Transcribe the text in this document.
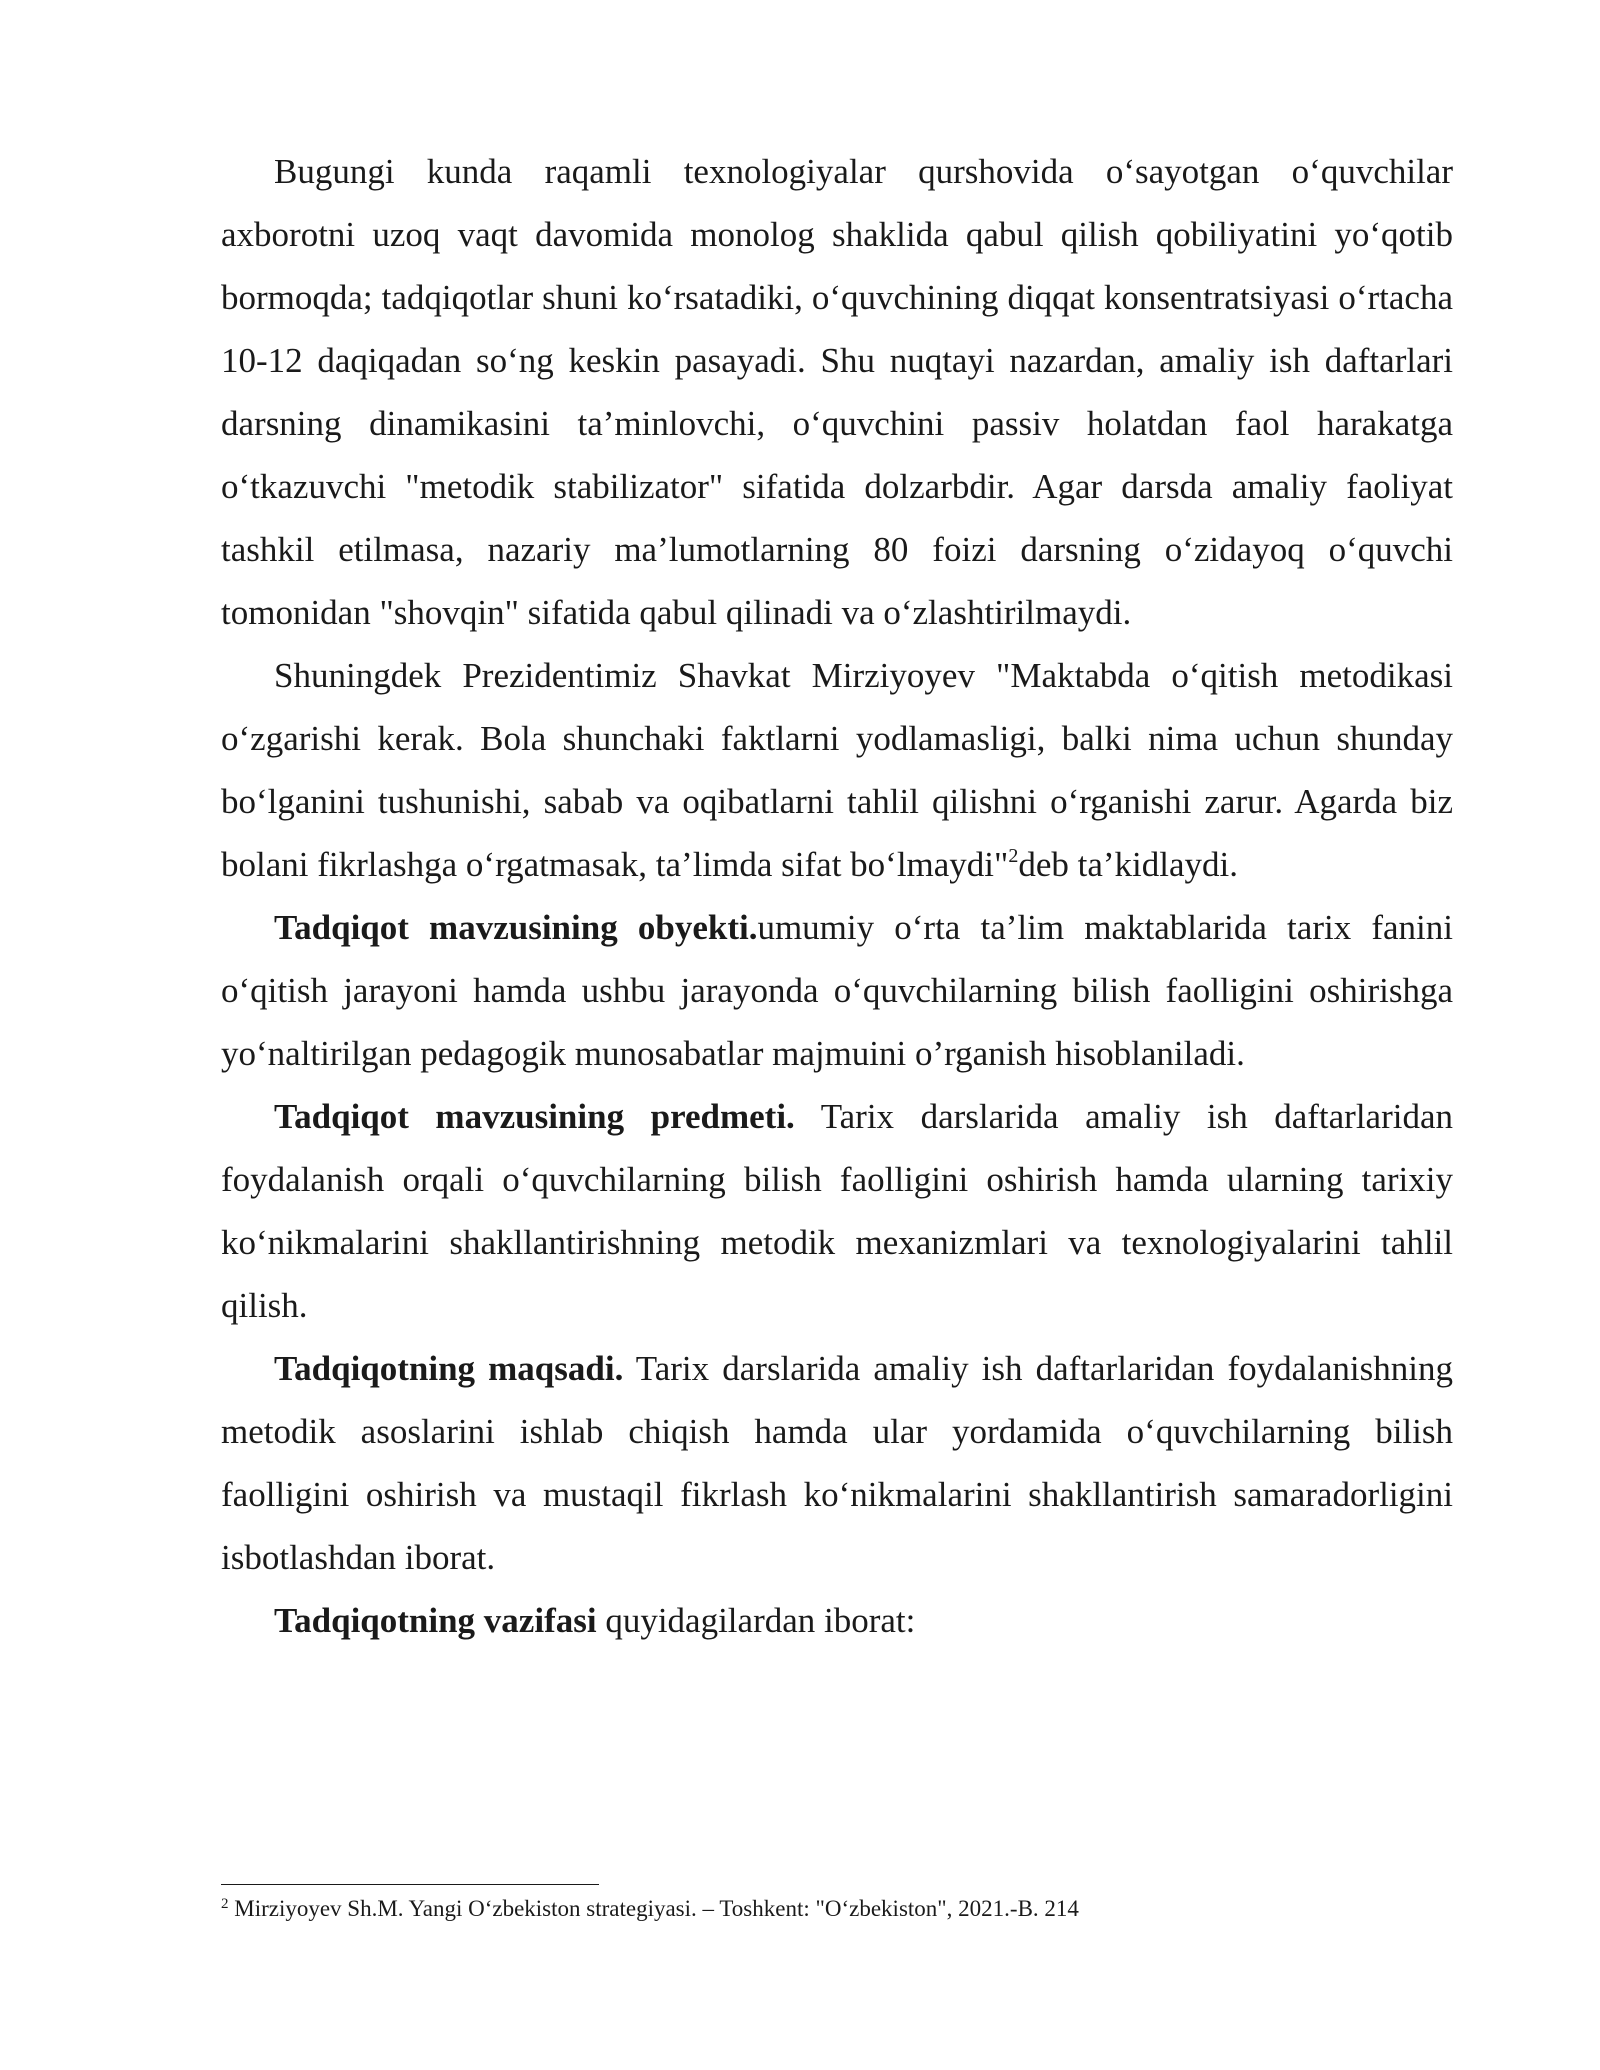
Bugungi kunda raqamli texnologiyalar qurshovida o‘sayotgan o‘quvchilar axborotni uzoq vaqt davomida monolog shaklida qabul qilish qobiliyatini yo‘qotib bormoqda; tadqiqotlar shuni ko‘rsatadiki, o‘quvchining diqqat konsentratsiyasi o‘rtacha 10-12 daqiqadan so‘ng keskin pasayadi. Shu nuqtayi nazardan, amaliy ish daftarlari darsning dinamikasini ta’minlovchi, o‘quvchini passiv holatdan faol harakatga o‘tkazuvchi "metodik stabilizator" sifatida dolzarbdir. Agar darsda amaliy faoliyat tashkil etilmasa, nazariy ma’lumotlarning 80 foizi darsning o‘zidayoq o‘quvchi tomonidan "shovqin" sifatida qabul qilinadi va o‘zlashtirilmaydi.

Shuningdek Prezidentimiz Shavkat Mirziyoyev "Maktabda o‘qitish metodikasi o‘zgarishi kerak. Bola shunchaki faktlarni yodlamasligi, balki nima uchun shunday bo‘lganini tushunishi, sabab va oqibatlarni tahlil qilishni o‘rganishi zarur. Agarda biz bolani fikrlashga o‘rgatmasak, ta’limda sifat bo‘lmaydi"$^2$deb ta’kidlaydi.

Tadqiqot mavzusining obyekti.umumiy o‘rta ta’lim maktablarida tarix fanini o‘qitish jarayoni hamda ushbu jarayonda o‘quvchilarning bilish faolligini oshirishga yo‘naltirilgan pedagogik munosabatlar majmuini o’rganish hisoblaniladi.

Tadqiqot mavzusining predmeti. Tarix darslarida amaliy ish daftarlaridan foydalanish orqali o‘quvchilarning bilish faolligini oshirish hamda ularning tarixiy ko‘nikmalarini shakllantirishning metodik mexanizmlari va texnologiyalarini tahlil qilish.

Tadqiqotning maqsadi. Tarix darslarida amaliy ish daftarlaridan foydalanishning metodik asoslarini ishlab chiqish hamda ular yordamida o‘quvchilarning bilish faolligini oshirish va mustaqil fikrlash ko‘nikmalarini shakllantirish samaradorligini isbotlashdan iborat.

Tadqiqotning vazifasi quyidagilardan iborat:

$^2$ Mirziyoyev Sh.M. Yangi O‘zbekiston strategiyasi. – Toshkent: "O‘zbekiston", 2021.-B. 214
